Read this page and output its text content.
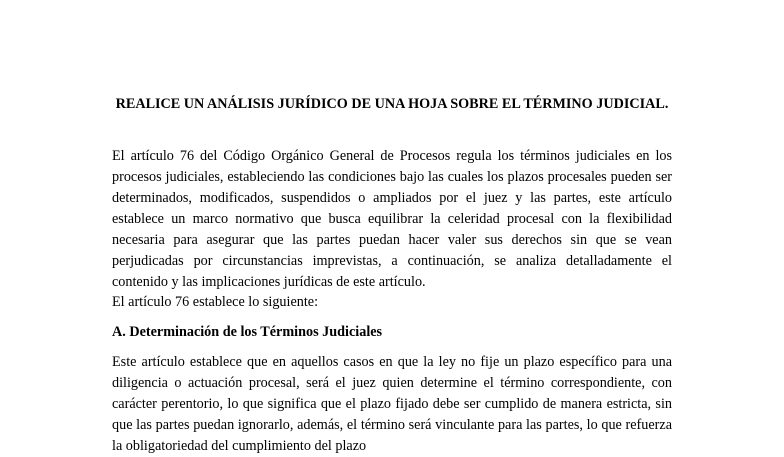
REALICE UN ANÁLISIS JURÍDICO DE UNA HOJA SOBRE EL TÉRMINO JUDICIAL.

El artículo 76 del Código Orgánico General de Procesos regula los términos judiciales en los procesos judiciales, estableciendo las condiciones bajo las cuales los plazos procesales pueden ser determinados, modificados, suspendidos o ampliados por el juez y las partes, este artículo establece un marco normativo que busca equilibrar la celeridad procesal con la flexibilidad necesaria para asegurar que las partes puedan hacer valer sus derechos sin que se vean perjudicadas por circunstancias imprevistas, a continuación, se analiza detalladamente el contenido y las implicaciones jurídicas de este artículo.

El artículo 76 establece lo siguiente:

A. Determinación de los Términos Judiciales

Este artículo establece que en aquellos casos en que la ley no fije un plazo específico para una diligencia o actuación procesal, será el juez quien determine el término correspondiente, con carácter perentorio, lo que significa que el plazo fijado debe ser cumplido de manera estricta, sin que las partes puedan ignorarlo, además, el término será vinculante para las partes, lo que refuerza la obligatoriedad del cumplimiento del plazo
